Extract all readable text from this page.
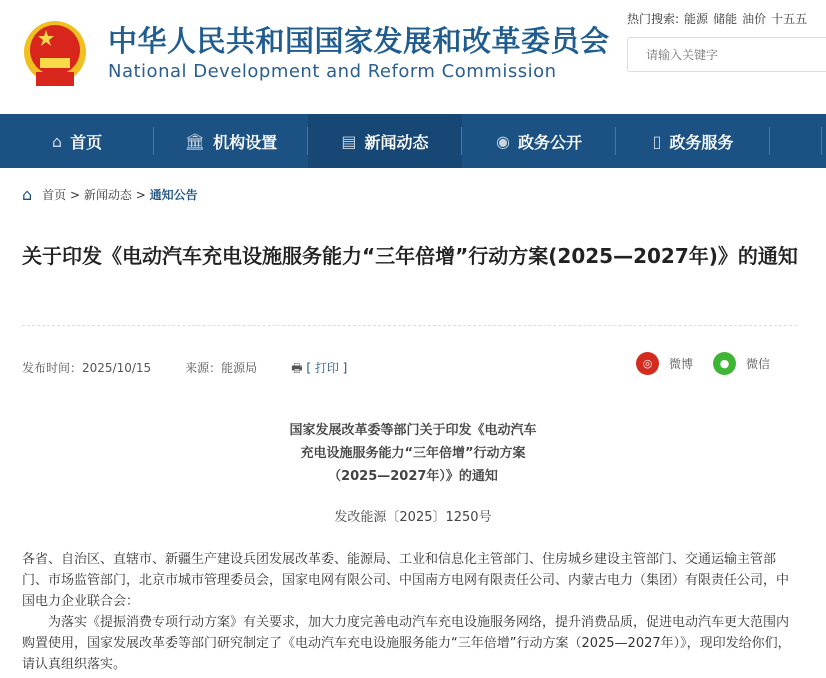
中华人民共和国国家发展和改革委员会
National Development and Reform Commission
热门搜索: 能源 储能 油价 十五五
请输入关键字
⌂ 首页	🏛 机构设置	▤ 新闻动态	◉ 政务公开	▯ 政务服务
⌂ 首页
>
新闻动态
>
通知公告
关于印发《电动汽车充电设施服务能力“三年倍增”行动方案(2025—2027年)》的通知
发布时间：2025/10/15	来源：能源局	🖶 [ 打印 ]	◎	微博	●	微信
国家发展改革委等部门关于印发《电动汽车
充电设施服务能力“三年倍增”行动方案
（2025—2027年）》的通知
发改能源〔2025〕1250号

各省、自治区、直辖市、新疆生产建设兵团发展改革委、能源局、工业和信息化主管部门、住房城乡建设主管部门、交通运输主管部门、市场监管部门，北京市城市管理委员会，国家电网有限公司、中国南方电网有限责任公司、内蒙古电力（集团）有限责任公司，中国电力企业联合会：

为落实《提振消费专项行动方案》有关要求，加大力度完善电动汽车充电设施服务网络，提升消费品质，促进电动汽车更大范围内购置使用，国家发展改革委等部门研究制定了《电动汽车充电设施服务能力“三年倍增”行动方案（2025—2027年）》，现印发给你们，请认真组织落实。
